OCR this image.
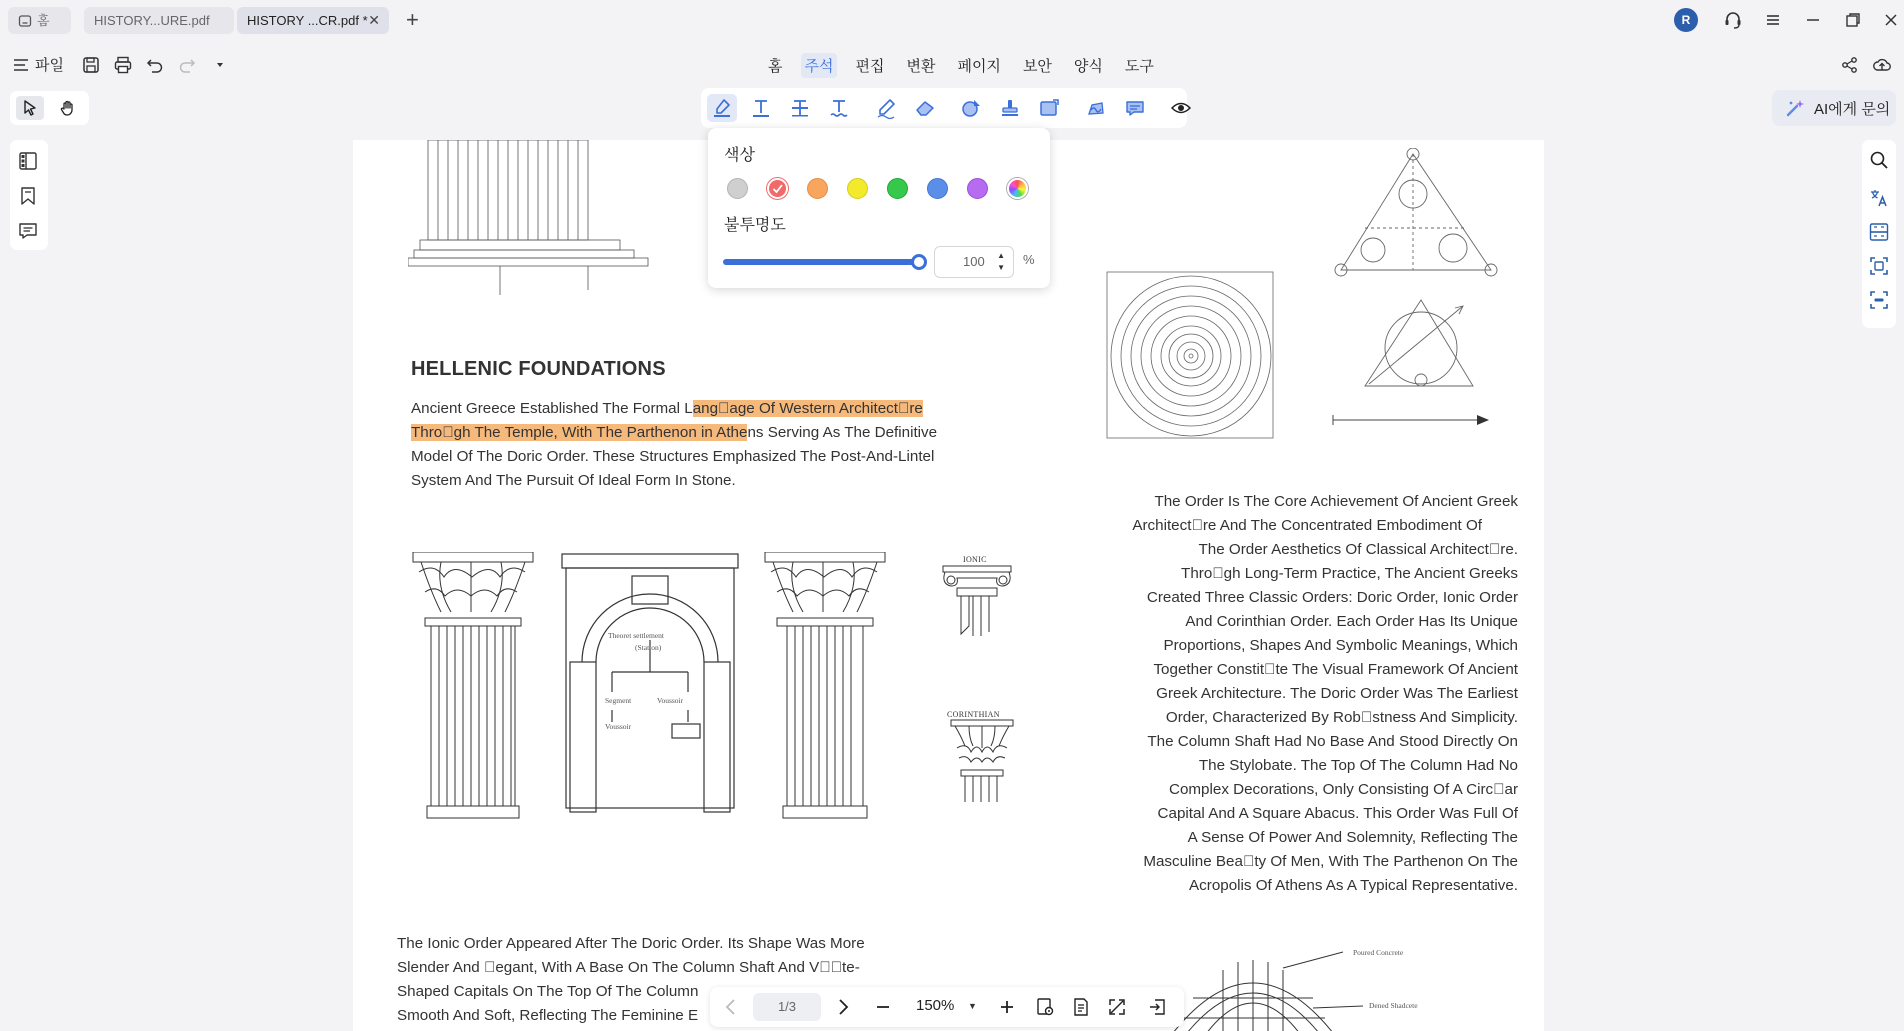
홈	HISTORY...URE.pdf	HISTORY ...CR.pdf * ✕ +	R
파일	홈 주석 편집 변환 페이지 보안 양식 도구
AI에게 문의
HELLENIC FOUNDATIONS

Ancient Greece Established The Formal Lang age Of Western Architect re Thro gh The Temple, With The Parthenon in Athens Serving As The Definitive Model Of The Doric Order. These Structures Emphasized The Post-And-Lintel System And The Pursuit Of Ideal Form In Stone.

Theoret settlement
(Station)
Segment	Voussoir
Voussoir
IONIC
CORINTHIAN
The Order Is The Core Achievement Of Ancient Greek
Architect re And The Concentrated Embodiment Of
The Order Aesthetics Of Classical Architect re.
Thro gh Long-Term Practice, The Ancient Greeks
Created Three Classic Orders: Doric Order, Ionic Order
And Corinthian Order. Each Order Has Its Unique
Proportions, Shapes And Symbolic Meanings, Which
Together Constit te The Visual Framework Of Ancient
Greek Architecture. The Doric Order Was The Earliest
Order, Characterized By Rob stness And Simplicity.
The Column Shaft Had No Base And Stood Directly On
The Stylobate. The Top Of The Column Had No
Complex Decorations, Only Consisting Of A Circ ar
Capital And A Square Abacus. This Order Was Full Of
A Sense Of Power And Solemnity, Reflecting The
Masculine Bea ty Of Men, With The Parthenon On The
Acropolis Of Athens As A Typical Representative.
The Ionic Order Appeared After The Doric Order. Its Shape Was More
Slender And  egant, With A Base On The Column Shaft And V  te-
Shaped Capitals On The Top Of The Column
Smooth And Soft, Reflecting The Feminine E
Poured Concrete
Dened Shadcete
색상
불투명도
100 ▲
▼
%
1/3	150% ▼
